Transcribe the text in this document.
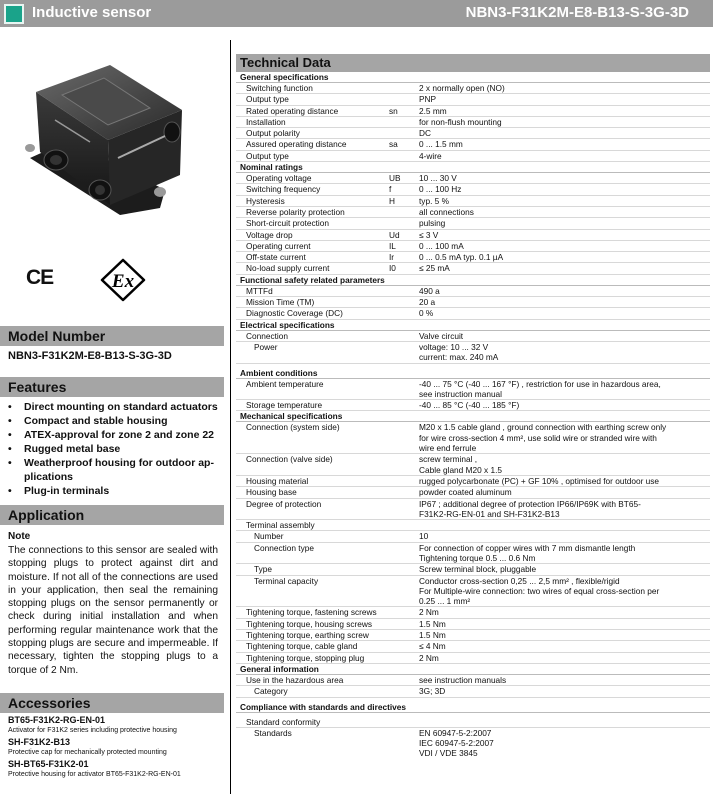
Inductive sensor	NBN3-F31K2M-E8-B13-S-3G-3D
CE	Ex
Model Number
NBN3-F31K2M-E8-B13-S-3G-3D
Features
• Direct mounting on standard actuators
• Compact and stable housing
• ATEX-approval for zone 2 and zone 22
• Rugged metal base
• Weatherproof housing for outdoor ap-plications
• Plug-in terminals
Application
Note
The connections to this sensor are sealed with stopping plugs to protect against dirt and moisture. If not all of the connections are used in your application, then seal the remaining stopping plugs on the sensor permanently or check during initial installation and when performing regular maintenance work that the stopping plugs are secure and impermeable. If necessary, tighten the stopping plugs to a torque of 2 Nm.
Accessories
BT65-F31K2-RG-EN-01
Activator for F31K2 series including protective housing
SH-F31K2-B13
Protective cap for mechanically protected mounting
SH-BT65-F31K2-01
Protective housing for activator BT65-F31K2-RG-EN-01
Technical Data
General specifications
Switching function	2 x normally open (NO)
Output type	PNP
Rated operating distance	sn	2.5 mm
Installation	for non-flush mounting
Output polarity	DC
Assured operating distance	sa	0 ... 1.5 mm
Output type	4-wire
Nominal ratings
Operating voltage	UB 10 ... 30 V
Switching frequency	f	0 ... 100 Hz
Hysteresis	H	typ. 5 %
Reverse polarity protection	all connections
Short-circuit protection	pulsing
Voltage drop	Ud ≤ 3 V
Operating current	IL	0 ... 100 mA
Off-state current	Ir	0 ... 0.5 mA typ. 0.1 µA
No-load supply current	I0	≤ 25 mA
Functional safety related parameters
MTTFd	490 a
Mission Time (TM)	20 a
Diagnostic Coverage (DC)	0 %
Electrical specifications
Connection	Valve circuit
Power	voltage: 10 ... 32 V
current: max. 240 mA
Ambient conditions
Ambient temperature	-40 ... 75 °C (-40 ... 167 °F) , restriction for use in hazardous area,
see instruction manual
Storage temperature	-40 ... 85 °C (-40 ... 185 °F)
Mechanical specifications
Connection (system side)	M20 x 1.5 cable gland , ground connection with earthing screw only
for wire cross-section 4 mm², use solid wire or stranded wire with
wire end ferrule
Connection (valve side)	screw terminal ,
Cable gland M20 x 1.5
Housing material	rugged polycarbonate (PC) + GF 10% , optimised for outdoor use
Housing base	powder coated aluminum
Degree of protection	IP67 ; additional degree of protection IP66/IP69K with BT65-
F31K2-RG-EN-01 and SH-F31K2-B13
Terminal assembly
Number	10
Connection type	For connection of copper wires with 7 mm dismantle length
Tightening torque 0.5 ... 0.6 Nm
Type	Screw terminal block, pluggable
Terminal capacity	Conductor cross-section 0,25 ... 2,5 mm² , flexible/rigid
For Multiple-wire connection: two wires of equal cross-section per
0.25 ... 1 mm²
Tightening torque, fastening screws	2 Nm
Tightening torque, housing screws	1.5 Nm
Tightening torque, earthing screw	1.5 Nm
Tightening torque, cable gland	≤ 4 Nm
Tightening torque, stopping plug	2 Nm
General information
Use in the hazardous area	see instruction manuals
Category	3G; 3D
Compliance with standards and directives
Standard conformity
Standards	EN 60947-5-2:2007
IEC 60947-5-2:2007
VDI / VDE 3845
